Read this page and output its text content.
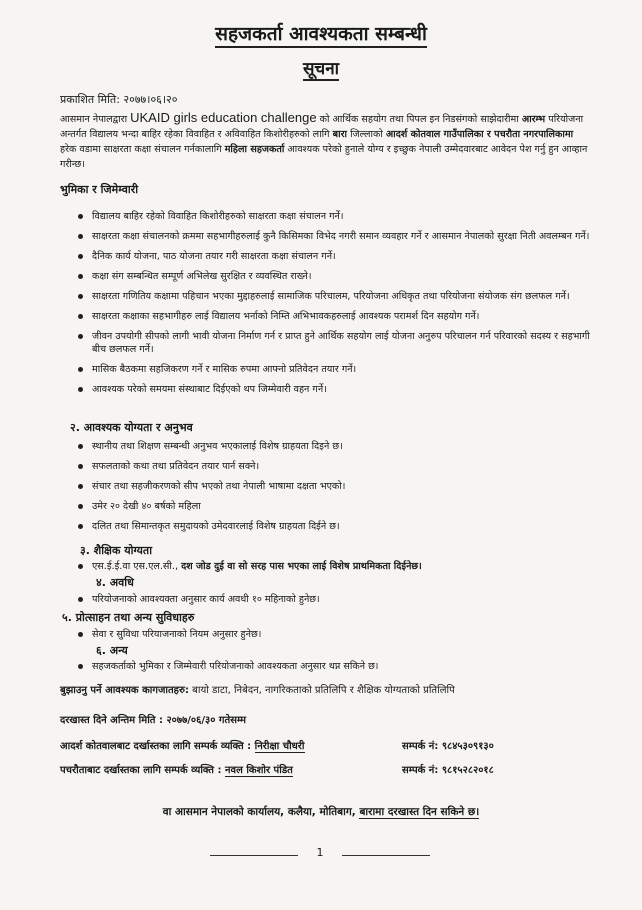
सहजकर्ता आवश्यकता सम्बन्धी
सूचना
प्रकाशित मिति: २०७७।०६।२०
आसमान नेपालद्वारा UKAID girls education challenge को आर्थिक सहयोग तथा पिपल इन निडसंगको साझेदारीमा आरम्भ परियोजना अन्तर्गत विद्यालय भन्दा बाहिर रहेका विवाहित र अविवाहित किशोरीहरुको लागि बारा जिल्लाको आदर्श कोतवाल गाउँपालिका र पचरौता नगरपालिकामा हरेक वडामा साक्षरता कक्षा संचालन गर्नकालागि महिला सहजकर्ता आवश्यक परेको हुनाले योग्य र इच्छुक नेपाली उम्मेदवारबाट आवेदन पेश गर्नु हुन आव्हान गरीन्छ।
भुमिका र जिमेम्वारी
विद्यालय बाहिर रहेको विवाहित किशोरीहरुको साक्षरता कक्षा संचालन गर्ने।
साक्षरता कक्षा संचालनको क्रममा सहभागीहरुलाई कुनै किसिमका विभेद नगरी समान व्यवहार गर्ने र आसमान नेपालको सुरक्षा निती अवलम्बन गर्ने।
दैनिक कार्य योजना, पाठ योजना तयार गरी साक्षरता कक्षा संचालन गर्ने।
कक्षा संग सम्बन्धित सम्पूर्ण अभिलेख सुरक्षित र व्यवस्थित राख्ने।
साक्षरता गणितिय कक्षामा पहिचान भएका मुद्दाहरुलाई सामाजिक परिचालम, परियोजना अधिकृत तथा परियोजना संयोजक संग छलफल गर्ने।
साक्षरता कक्षाका सहभागीहरु लाई विद्यालय भर्नाको निम्ति अभिभावकहरुलाई आवश्यक परामर्श दिन सहयोग गर्ने।
जीवन उपयोगी सीपको लागी भावी योजना निर्माण गर्न र प्राप्त हुने आर्थिक सहयोग लाई योजना अनुरुप परिचालन गर्न परिवारको सदस्य र सहभागी बीच छलफल गर्ने।
मासिक बैठकमा सहजिकरण गर्ने र मासिक रुपमा आफ्नो प्रतिवेदन तयार गर्ने।
आवश्यक परेको समयमा संस्थाबाट दिईएको थप जिम्मेवारी वहन गर्ने।
२. आवश्यक योग्यता र अनुभव
स्थानीय तथा शिक्षण सम्बन्धी अनुभव भएकालाई विशेष ग्राहयता दिइने छ।
सफलताको कथा तथा प्रतिवेदन तयार पार्न सक्ने।
संचार तथा सहजीकरणको सीप भएको तथा नेपाली भाषामा दक्षता भएको।
उमेर २० देखी ४० बर्षको महिला
दलित तथा सिमान्तकृत समुदायको उमेदवारलाई विशेष ग्राहयता दिईने छ।
३. शैक्षिक योग्यता
एस.ई.ई.वा एस.एल.सी., दश जोड दुई वा सो सरह पास भएका लाई विशेष प्राथमिकता दिईनेछ।
४. अवधि
परियोजनाको आवश्यक्ता अनुसार कार्य अवधी १० महिनाको हुनेछ।
५. प्रोत्साहन तथा अन्य सुविधाहरु
सेवा र सुविधा परियाजनाको नियम अनुसार हुनेछ।
६. अन्य
सहजकर्ताको भुमिका र जिम्मेवारी परियोजनाको आवश्यकता अनुसार थप्न सकिने छ।
बुझाउनु पर्ने आवश्यक कागजातहरु: बायो डाटा, निबेदन, नागरिकताको प्रतिलिपि र शैक्षिक योग्यताको प्रतिलिपि
दरखास्त दिने अन्तिम मिति : २०७७/०६/३० गतेसम्म
आदर्श कोतवालबाट दर्खास्तका लागि सम्पर्क व्यक्ति : निरीक्षा चौधरी	सम्पर्क नं: ९८४५३०९१३०
पचरौताबाट दर्खास्तका लागि सम्पर्क व्यक्ति : नवल किशोर पंडित	सम्पर्क नं: ९८१५२८२०१८
वा आसमान नेपालको कार्यालय, कलैया, मोतिबाग, बारामा दरखास्त दिन सकिने छ।
1
